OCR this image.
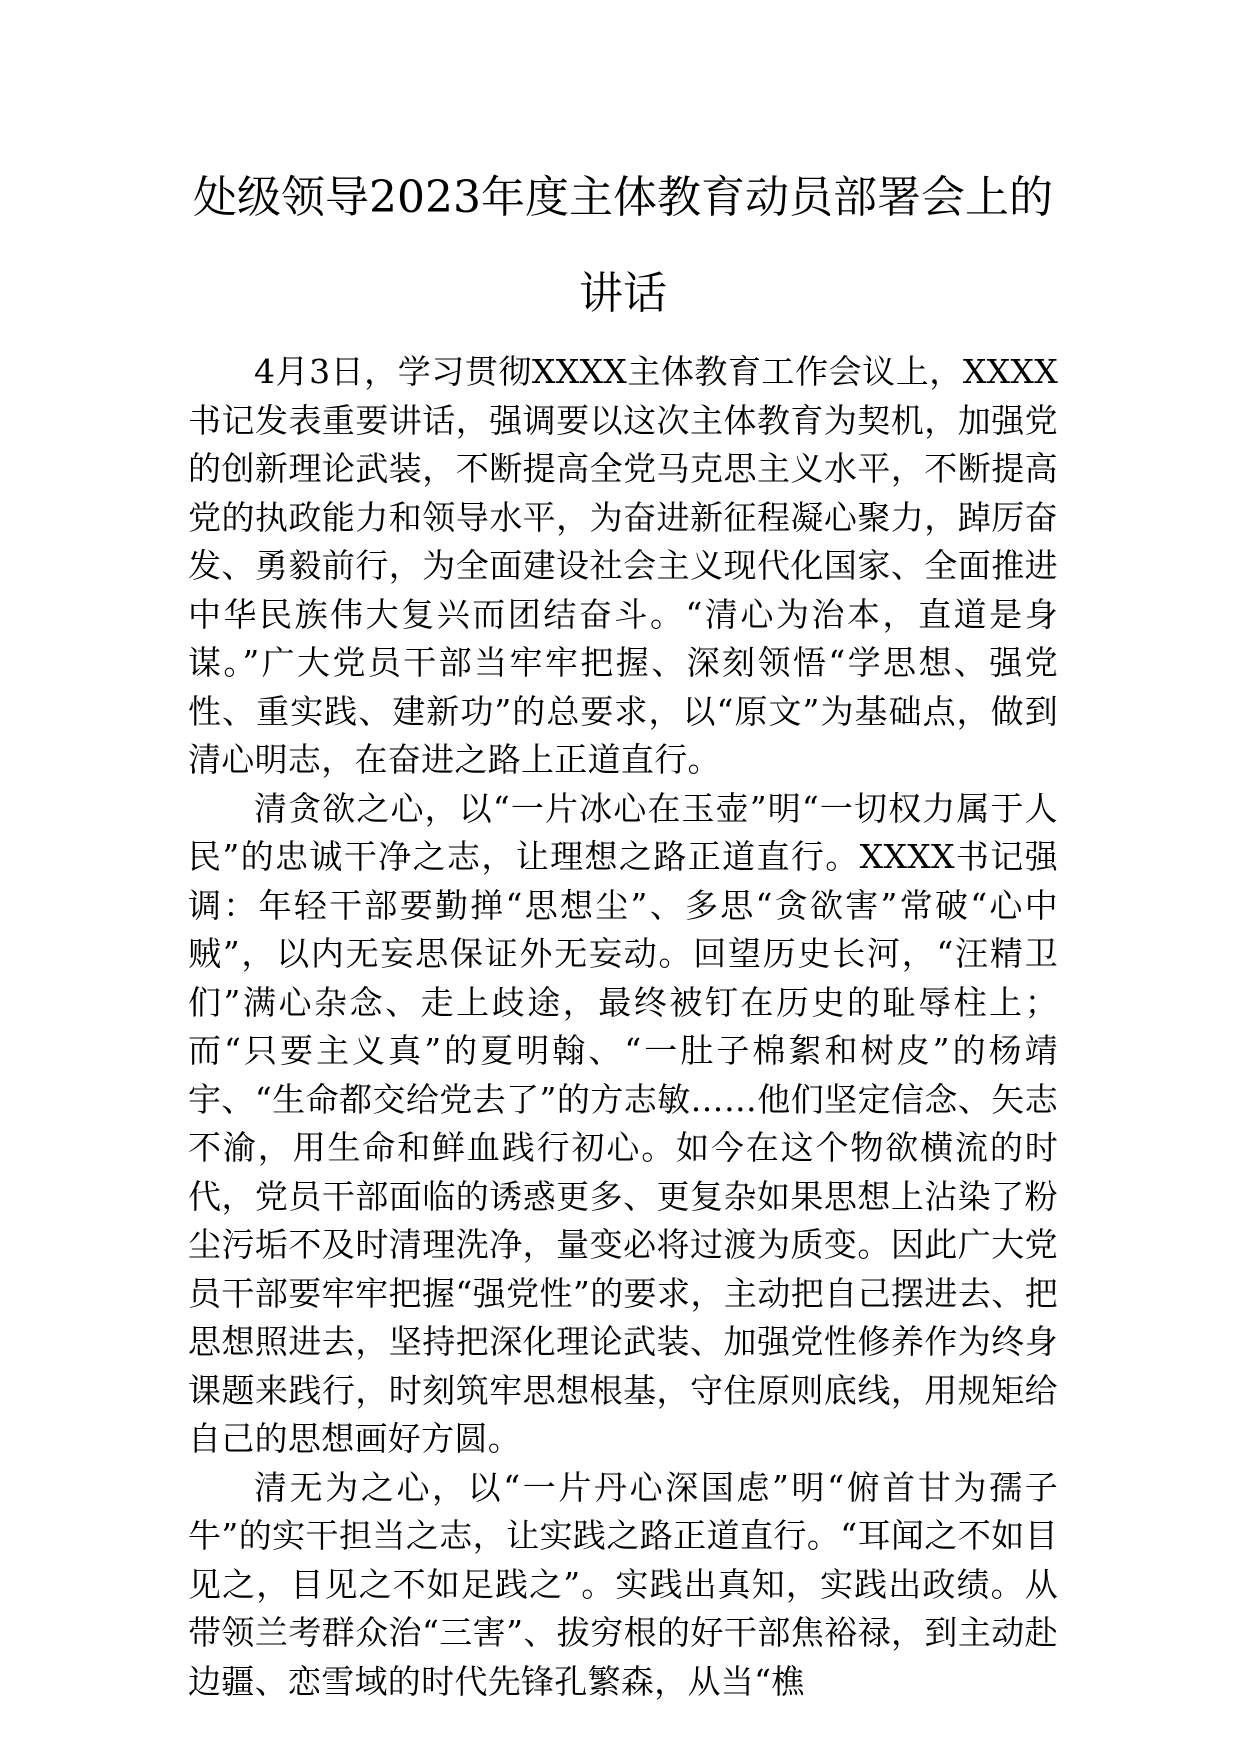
处级领导2023年度主体教育动员部署会上的讲话

4月3日，学习贯彻XXXX主体教育工作会议上，XXXX书记发表重要讲话，强调要以这次主体教育为契机，加强党的创新理论武装，不断提高全党马克思主义水平，不断提高党的执政能力和领导水平，为奋进新征程凝心聚力，踔厉奋发、勇毅前行，为全面建设社会主义现代化国家、全面推进中华民族伟大复兴而团结奋斗。“清心为治本，直道是身谋。”广大党员干部当牢牢把握、深刻领悟“学思想、强党性、重实践、建新功”的总要求，以“原文”为基础点，做到清心明志，在奋进之路上正道直行。

清贪欲之心，以“一片冰心在玉壶”明“一切权力属于人民”的忠诚干净之志，让理想之路正道直行。XXXX书记强调：年轻干部要勤掸“思想尘”、多思“贪欲害”常破“心中贼”，以内无妄思保证外无妄动。回望历史长河，“汪精卫们”满心杂念、走上歧途，最终被钉在历史的耻辱柱上；而“只要主义真”的夏明翰、“一肚子棉絮和树皮”的杨靖宇、“生命都交给党去了”的方志敏……他们坚定信念、矢志不渝，用生命和鲜血践行初心。如今在这个物欲横流的时代，党员干部面临的诱惑更多、更复杂如果思想上沾染了粉尘污垢不及时清理洗净，量变必将过渡为质变。因此广大党员干部要牢牢把握“强党性”的要求，主动把自己摆进去、把思想照进去，坚持把深化理论武装、加强党性修养作为终身课题来践行，时刻筑牢思想根基，守住原则底线，用规矩给自己的思想画好方圆。

清无为之心，以“一片丹心深国虑”明“俯首甘为孺子牛”的实干担当之志，让实践之路正道直行。“耳闻之不如目见之，目见之不如足践之”。实践出真知，实践出政绩。从带领兰考群众治“三害”、拔穷根的好干部焦裕禄，到主动赴边疆、恋雪域的时代先锋孔繁森，从当“樵
